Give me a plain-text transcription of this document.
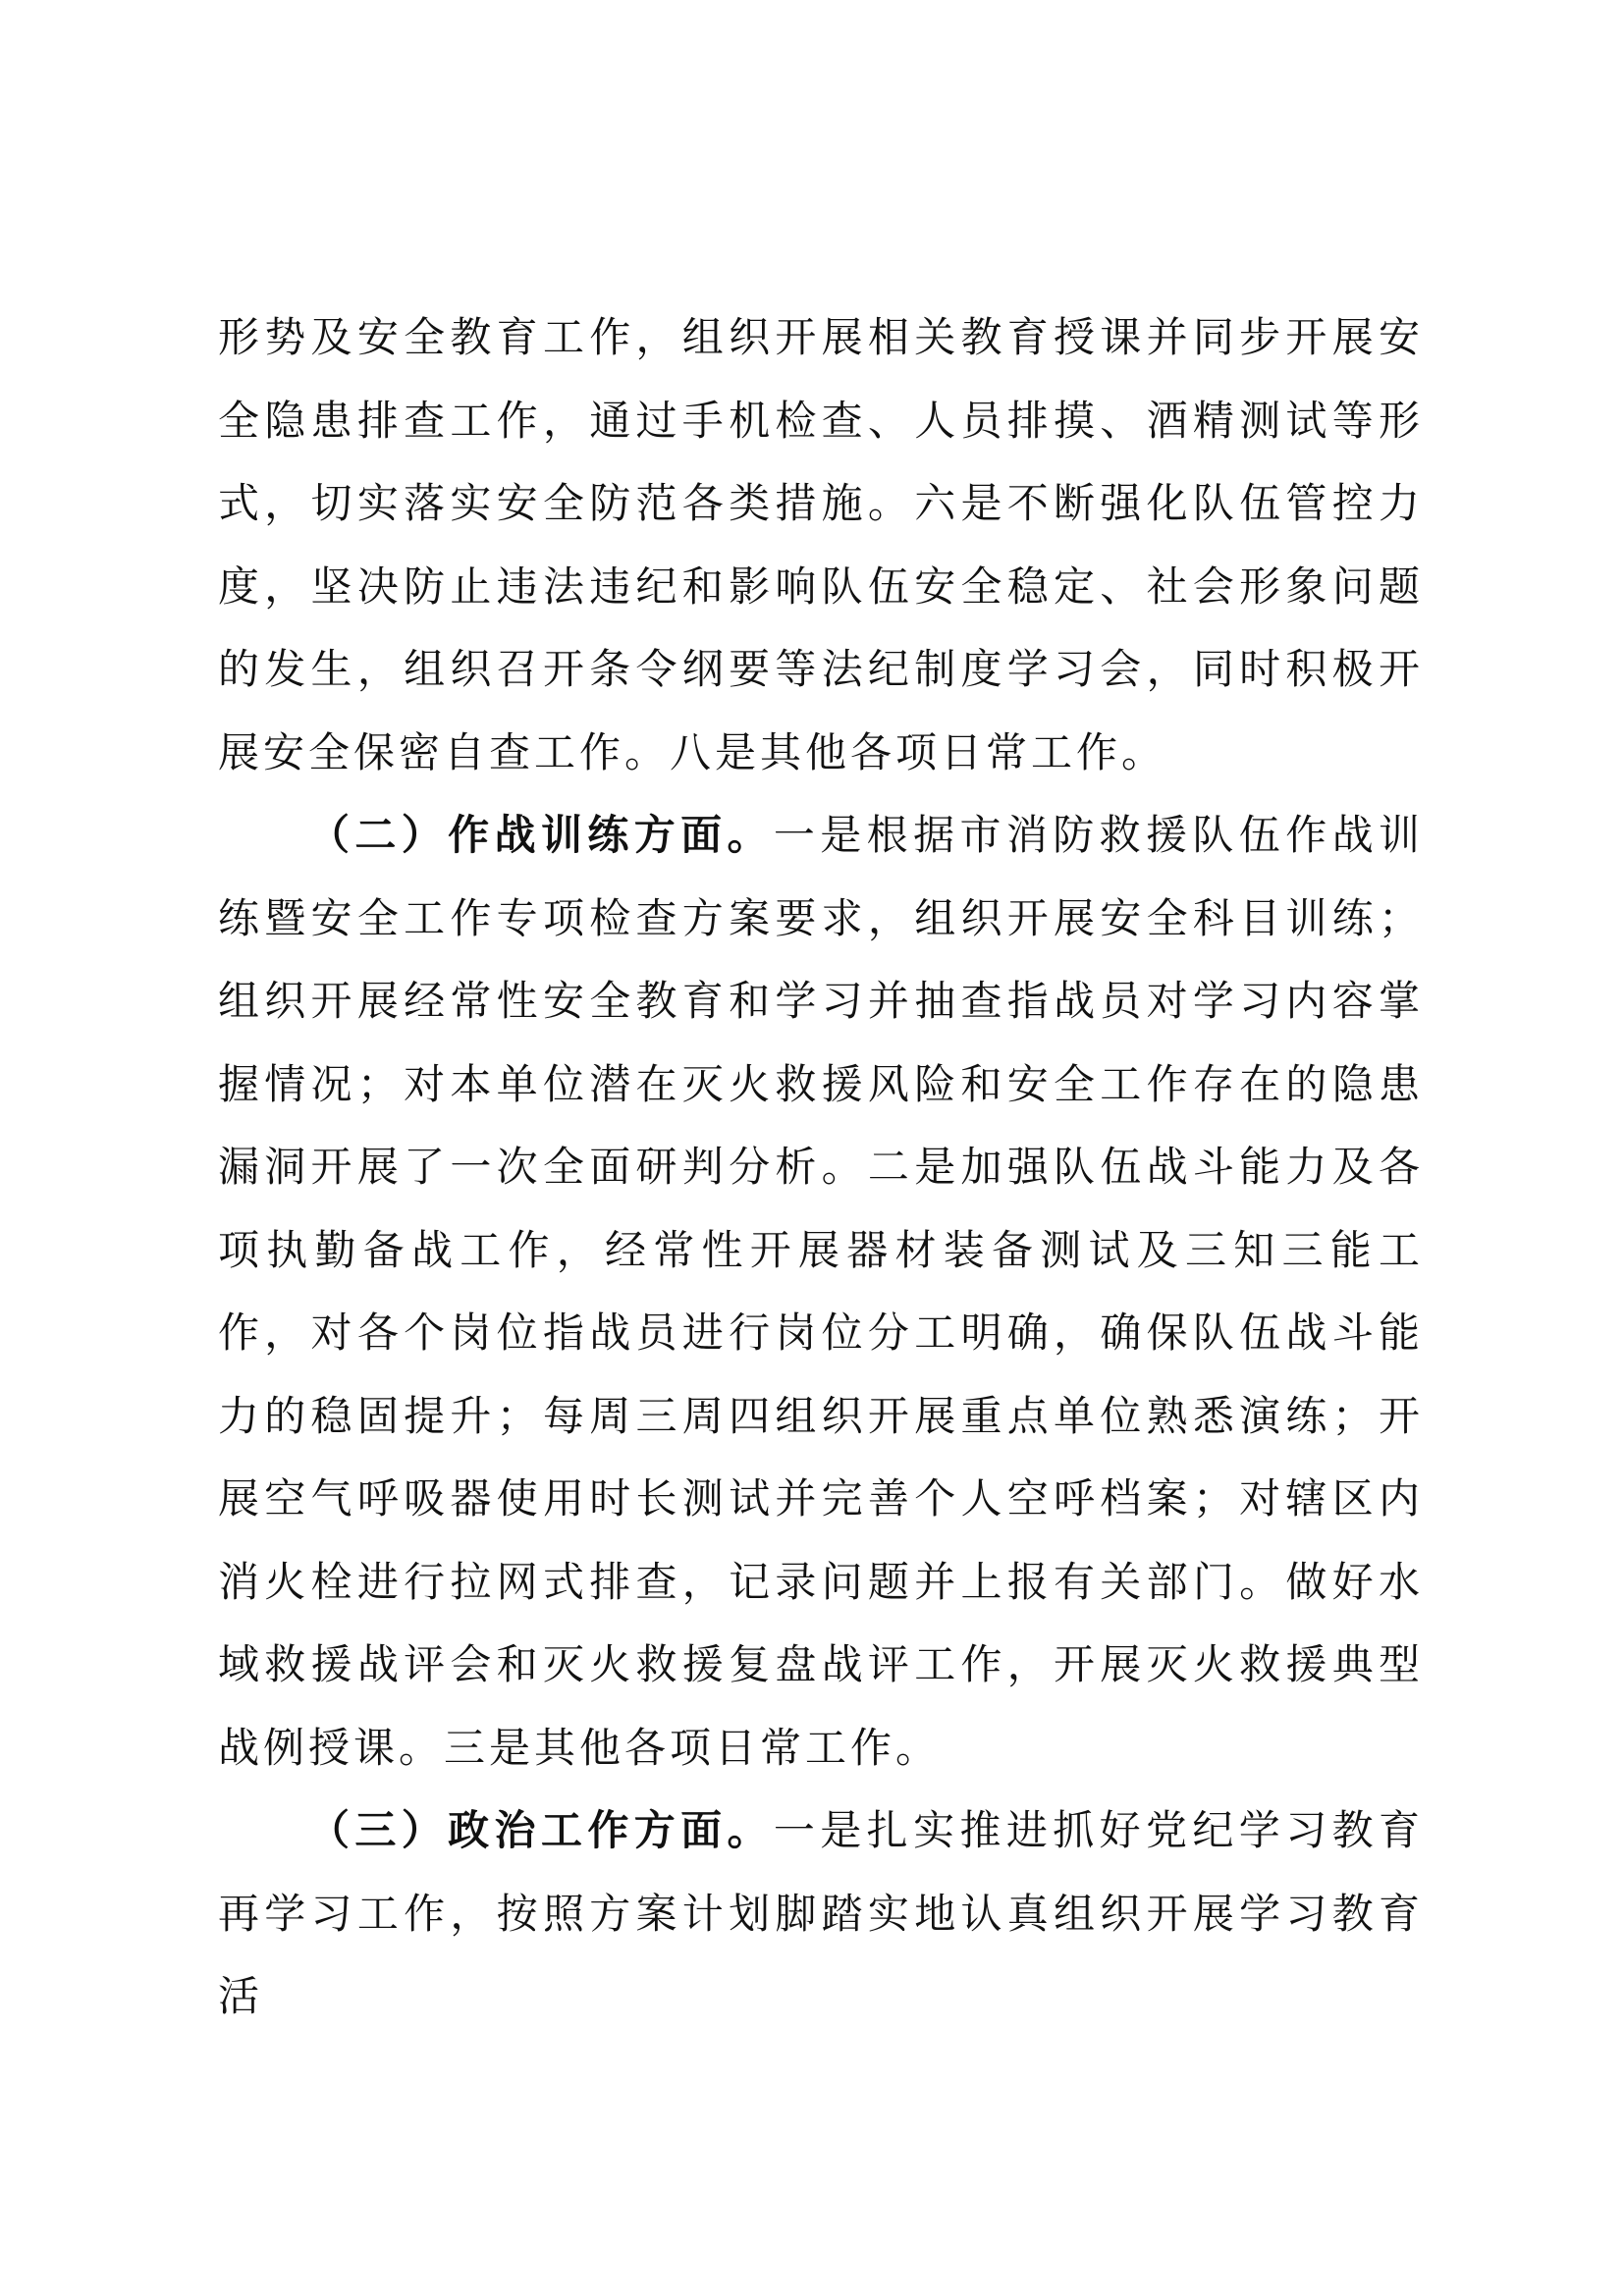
形势及安全教育工作，组织开展相关教育授课并同步开展安全隐患排查工作，通过手机检查、人员排摸、酒精测试等形式，切实落实安全防范各类措施。六是不断强化队伍管控力度，坚决防止违法违纪和影响队伍安全稳定、社会形象问题的发生，组织召开条令纲要等法纪制度学习会，同时积极开展安全保密自查工作。八是其他各项日常工作。

（二）作战训练方面。一是根据市消防救援队伍作战训练暨安全工作专项检查方案要求，组织开展安全科目训练；组织开展经常性安全教育和学习并抽查指战员对学习内容掌握情况；对本单位潜在灭火救援风险和安全工作存在的隐患漏洞开展了一次全面研判分析。二是加强队伍战斗能力及各项执勤备战工作，经常性开展器材装备测试及三知三能工作，对各个岗位指战员进行岗位分工明确，确保队伍战斗能力的稳固提升；每周三周四组织开展重点单位熟悉演练；开展空气呼吸器使用时长测试并完善个人空呼档案；对辖区内消火栓进行拉网式排查，记录问题并上报有关部门。做好水域救援战评会和灭火救援复盘战评工作，开展灭火救援典型战例授课。三是其他各项日常工作。

（三）政治工作方面。一是扎实推进抓好党纪学习教育再学习工作，按照方案计划脚踏实地认真组织开展学习教育活
